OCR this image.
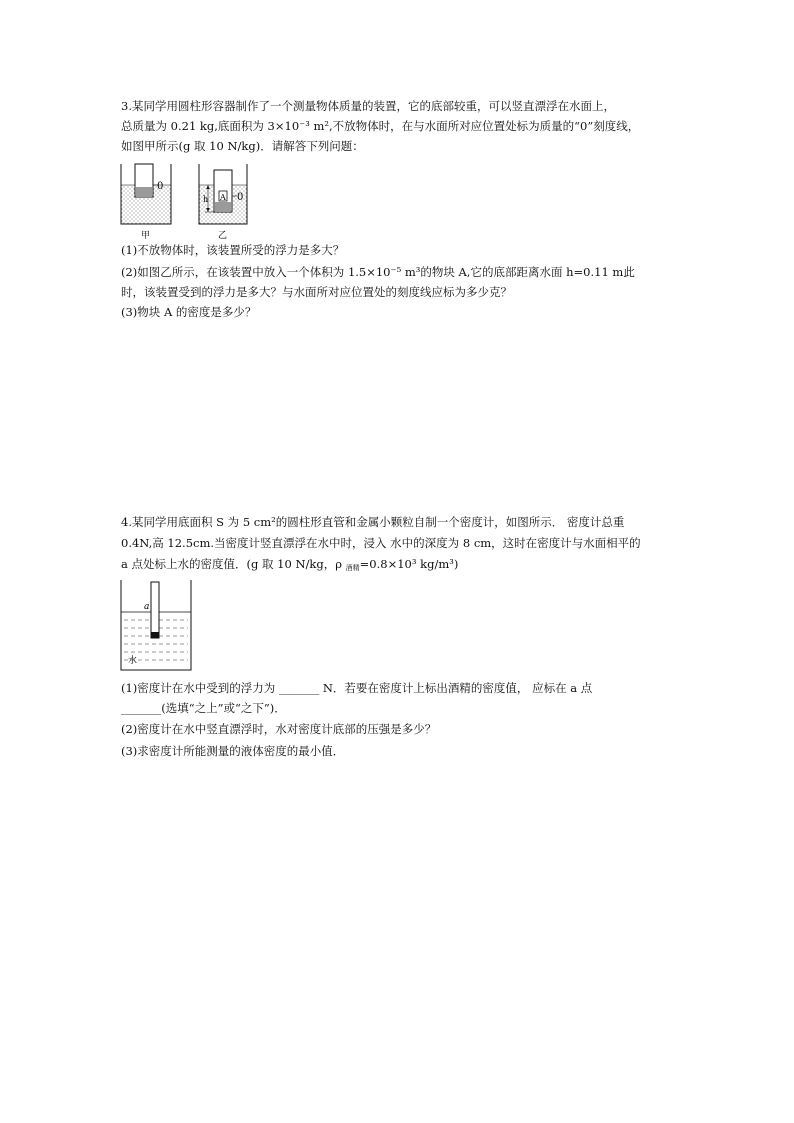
3.某同学用圆柱形容器制作了一个测量物体质量的装置，它的底部较重，可以竖直漂浮在水面上，
总质量为 0.21 kg,底面积为 3×10⁻³ m²,不放物体时，在与水面所对应位置处标为质量的“0”刻度线，
如图甲所示(g 取 10 N/kg)．请解答下列问题：
0
甲
h A 0
乙
(1)不放物体时，该装置所受的浮力是多大？
(2)如图乙所示，在该装置中放入一个体积为 1.5×10⁻⁵ m³的物块 A,它的底部距离水面 h=0.11 m此
时，该装置受到的浮力是多大？与水面所对应位置处的刻度线应标为多少克？
(3)物块 A 的密度是多少？
4.某同学用底面积 S 为 5 cm²的圆柱形直管和金属小颗粒自制一个密度计，如图所示． 密度计总重
0.4N,高 12.5cm.当密度计竖直漂浮在水中时，浸入 水中的深度为 8 cm，这时在密度计与水面相平的
a 点处标上水的密度值．(g 取 10 N/kg，ρ $_{酒精}$=0.8×10³ kg/m³)
a
水
(1)密度计在水中受到的浮力为 _______ N．若要在密度计上标出酒精的密度值， 应标在 a 点
_______(选填“之上”或“之下”)．
(2)密度计在水中竖直漂浮时，水对密度计底部的压强是多少？
(3)求密度计所能测量的液体密度的最小值．
